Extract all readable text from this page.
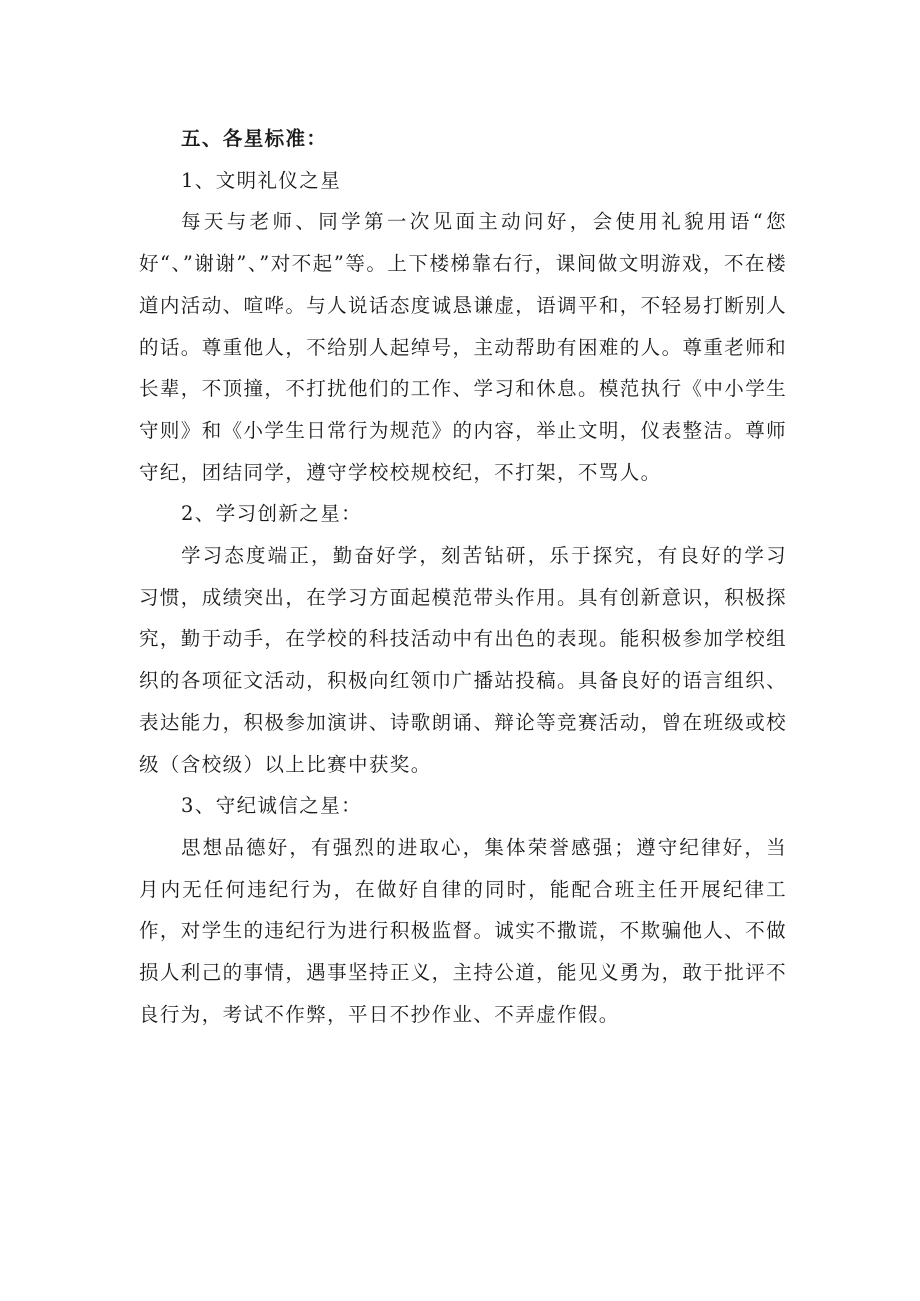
五、各星标准：

1、文明礼仪之星

每天与老师、同学第一次见面主动问好，会使用礼貌用语“您好“、”谢谢”、”对不起”等。上下楼梯靠右行，课间做文明游戏，不在楼道内活动、喧哗。与人说话态度诚恳谦虚，语调平和，不轻易打断别人的话。尊重他人，不给别人起绰号，主动帮助有困难的人。尊重老师和长辈，不顶撞，不打扰他们的工作、学习和休息。模范执行《中小学生守则》和《小学生日常行为规范》的内容，举止文明，仪表整洁。尊师守纪，团结同学，遵守学校校规校纪，不打架，不骂人。

2、学习创新之星：

学习态度端正，勤奋好学，刻苦钻研，乐于探究，有良好的学习习惯，成绩突出，在学习方面起模范带头作用。具有创新意识，积极探究，勤于动手，在学校的科技活动中有出色的表现。能积极参加学校组织的各项征文活动，积极向红领巾广播站投稿。具备良好的语言组织、表达能力，积极参加演讲、诗歌朗诵、辩论等竞赛活动，曾在班级或校级（含校级）以上比赛中获奖。

3、守纪诚信之星：

思想品德好，有强烈的进取心，集体荣誉感强；遵守纪律好，当月内无任何违纪行为，在做好自律的同时，能配合班主任开展纪律工作，对学生的违纪行为进行积极监督。诚实不撒谎，不欺骗他人、不做损人利己的事情，遇事坚持正义，主持公道，能见义勇为，敢于批评不良行为，考试不作弊，平日不抄作业、不弄虚作假。
